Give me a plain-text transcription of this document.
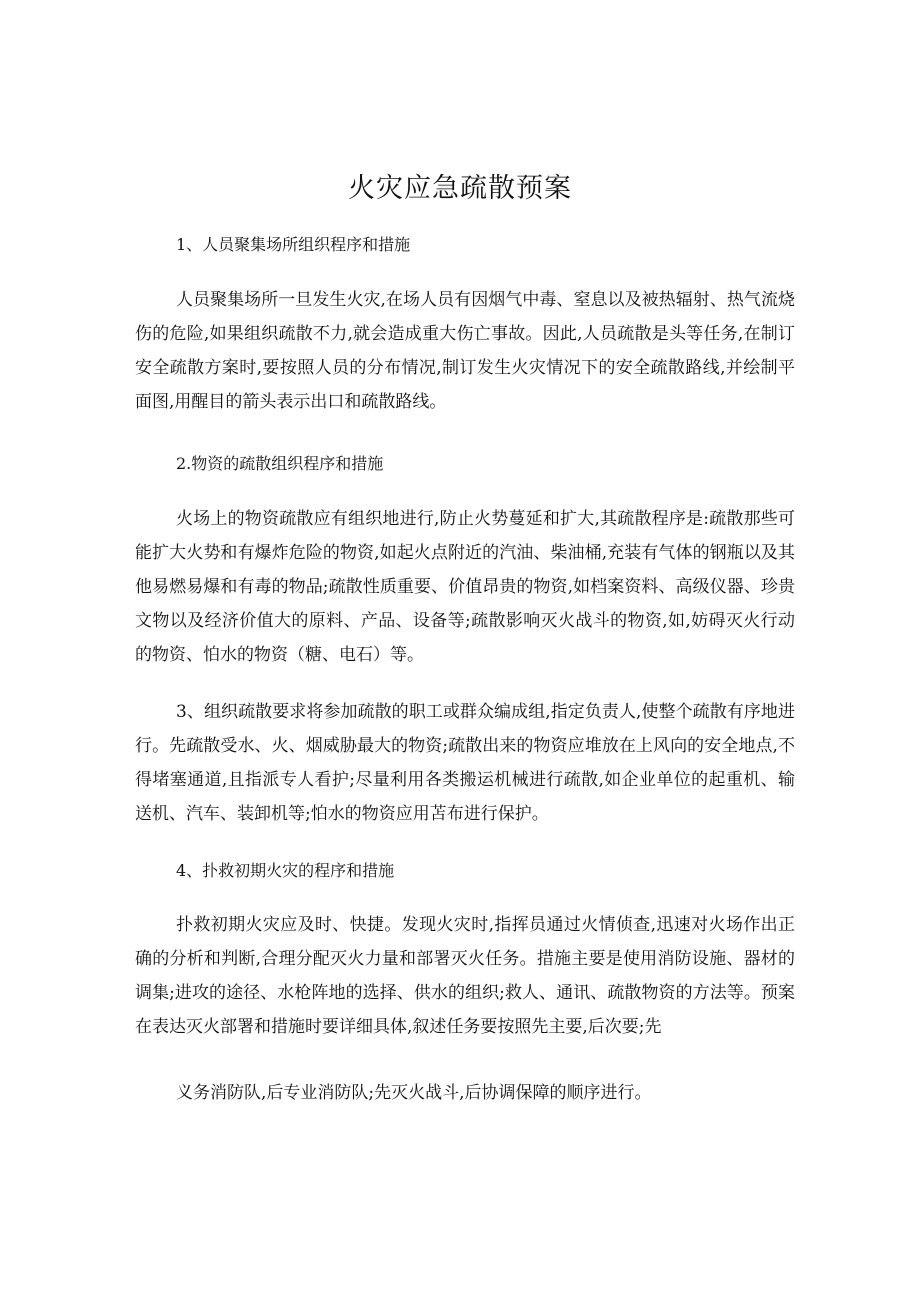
火灾应急疏散预案

1、人员聚集场所组织程序和措施

人员聚集场所一旦发生火灾,在场人员有因烟气中毒、窒息以及被热辐射、热气流烧伤的危险,如果组织疏散不力,就会造成重大伤亡事故。因此,人员疏散是头等任务,在制订安全疏散方案时,要按照人员的分布情况,制订发生火灾情况下的安全疏散路线,并绘制平面图,用醒目的箭头表示出口和疏散路线。

2.物资的疏散组织程序和措施

火场上的物资疏散应有组织地进行,防止火势蔓延和扩大,其疏散程序是:疏散那些可能扩大火势和有爆炸危险的物资,如起火点附近的汽油、柴油桶,充装有气体的钢瓶以及其他易燃易爆和有毒的物品;疏散性质重要、价值昂贵的物资,如档案资料、高级仪器、珍贵文物以及经济价值大的原料、产品、设备等;疏散影响灭火战斗的物资,如,妨碍灭火行动的物资、怕水的物资（糖、电石）等。

3、组织疏散要求将参加疏散的职工或群众编成组,指定负责人,使整个疏散有序地进行。先疏散受水、火、烟威胁最大的物资;疏散出来的物资应堆放在上风向的安全地点,不得堵塞通道,且指派专人看护;尽量利用各类搬运机械进行疏散,如企业单位的起重机、输送机、汽车、装卸机等;怕水的物资应用苫布进行保护。

4、扑救初期火灾的程序和措施

扑救初期火灾应及时、快捷。发现火灾时,指挥员通过火情侦查,迅速对火场作出正确的分析和判断,合理分配灭火力量和部署灭火任务。措施主要是使用消防设施、器材的调集;进攻的途径、水枪阵地的选择、供水的组织;救人、通讯、疏散物资的方法等。预案在表达灭火部署和措施时要详细具体,叙述任务要按照先主要,后次要;先

义务消防队,后专业消防队;先灭火战斗,后协调保障的顺序进行。
